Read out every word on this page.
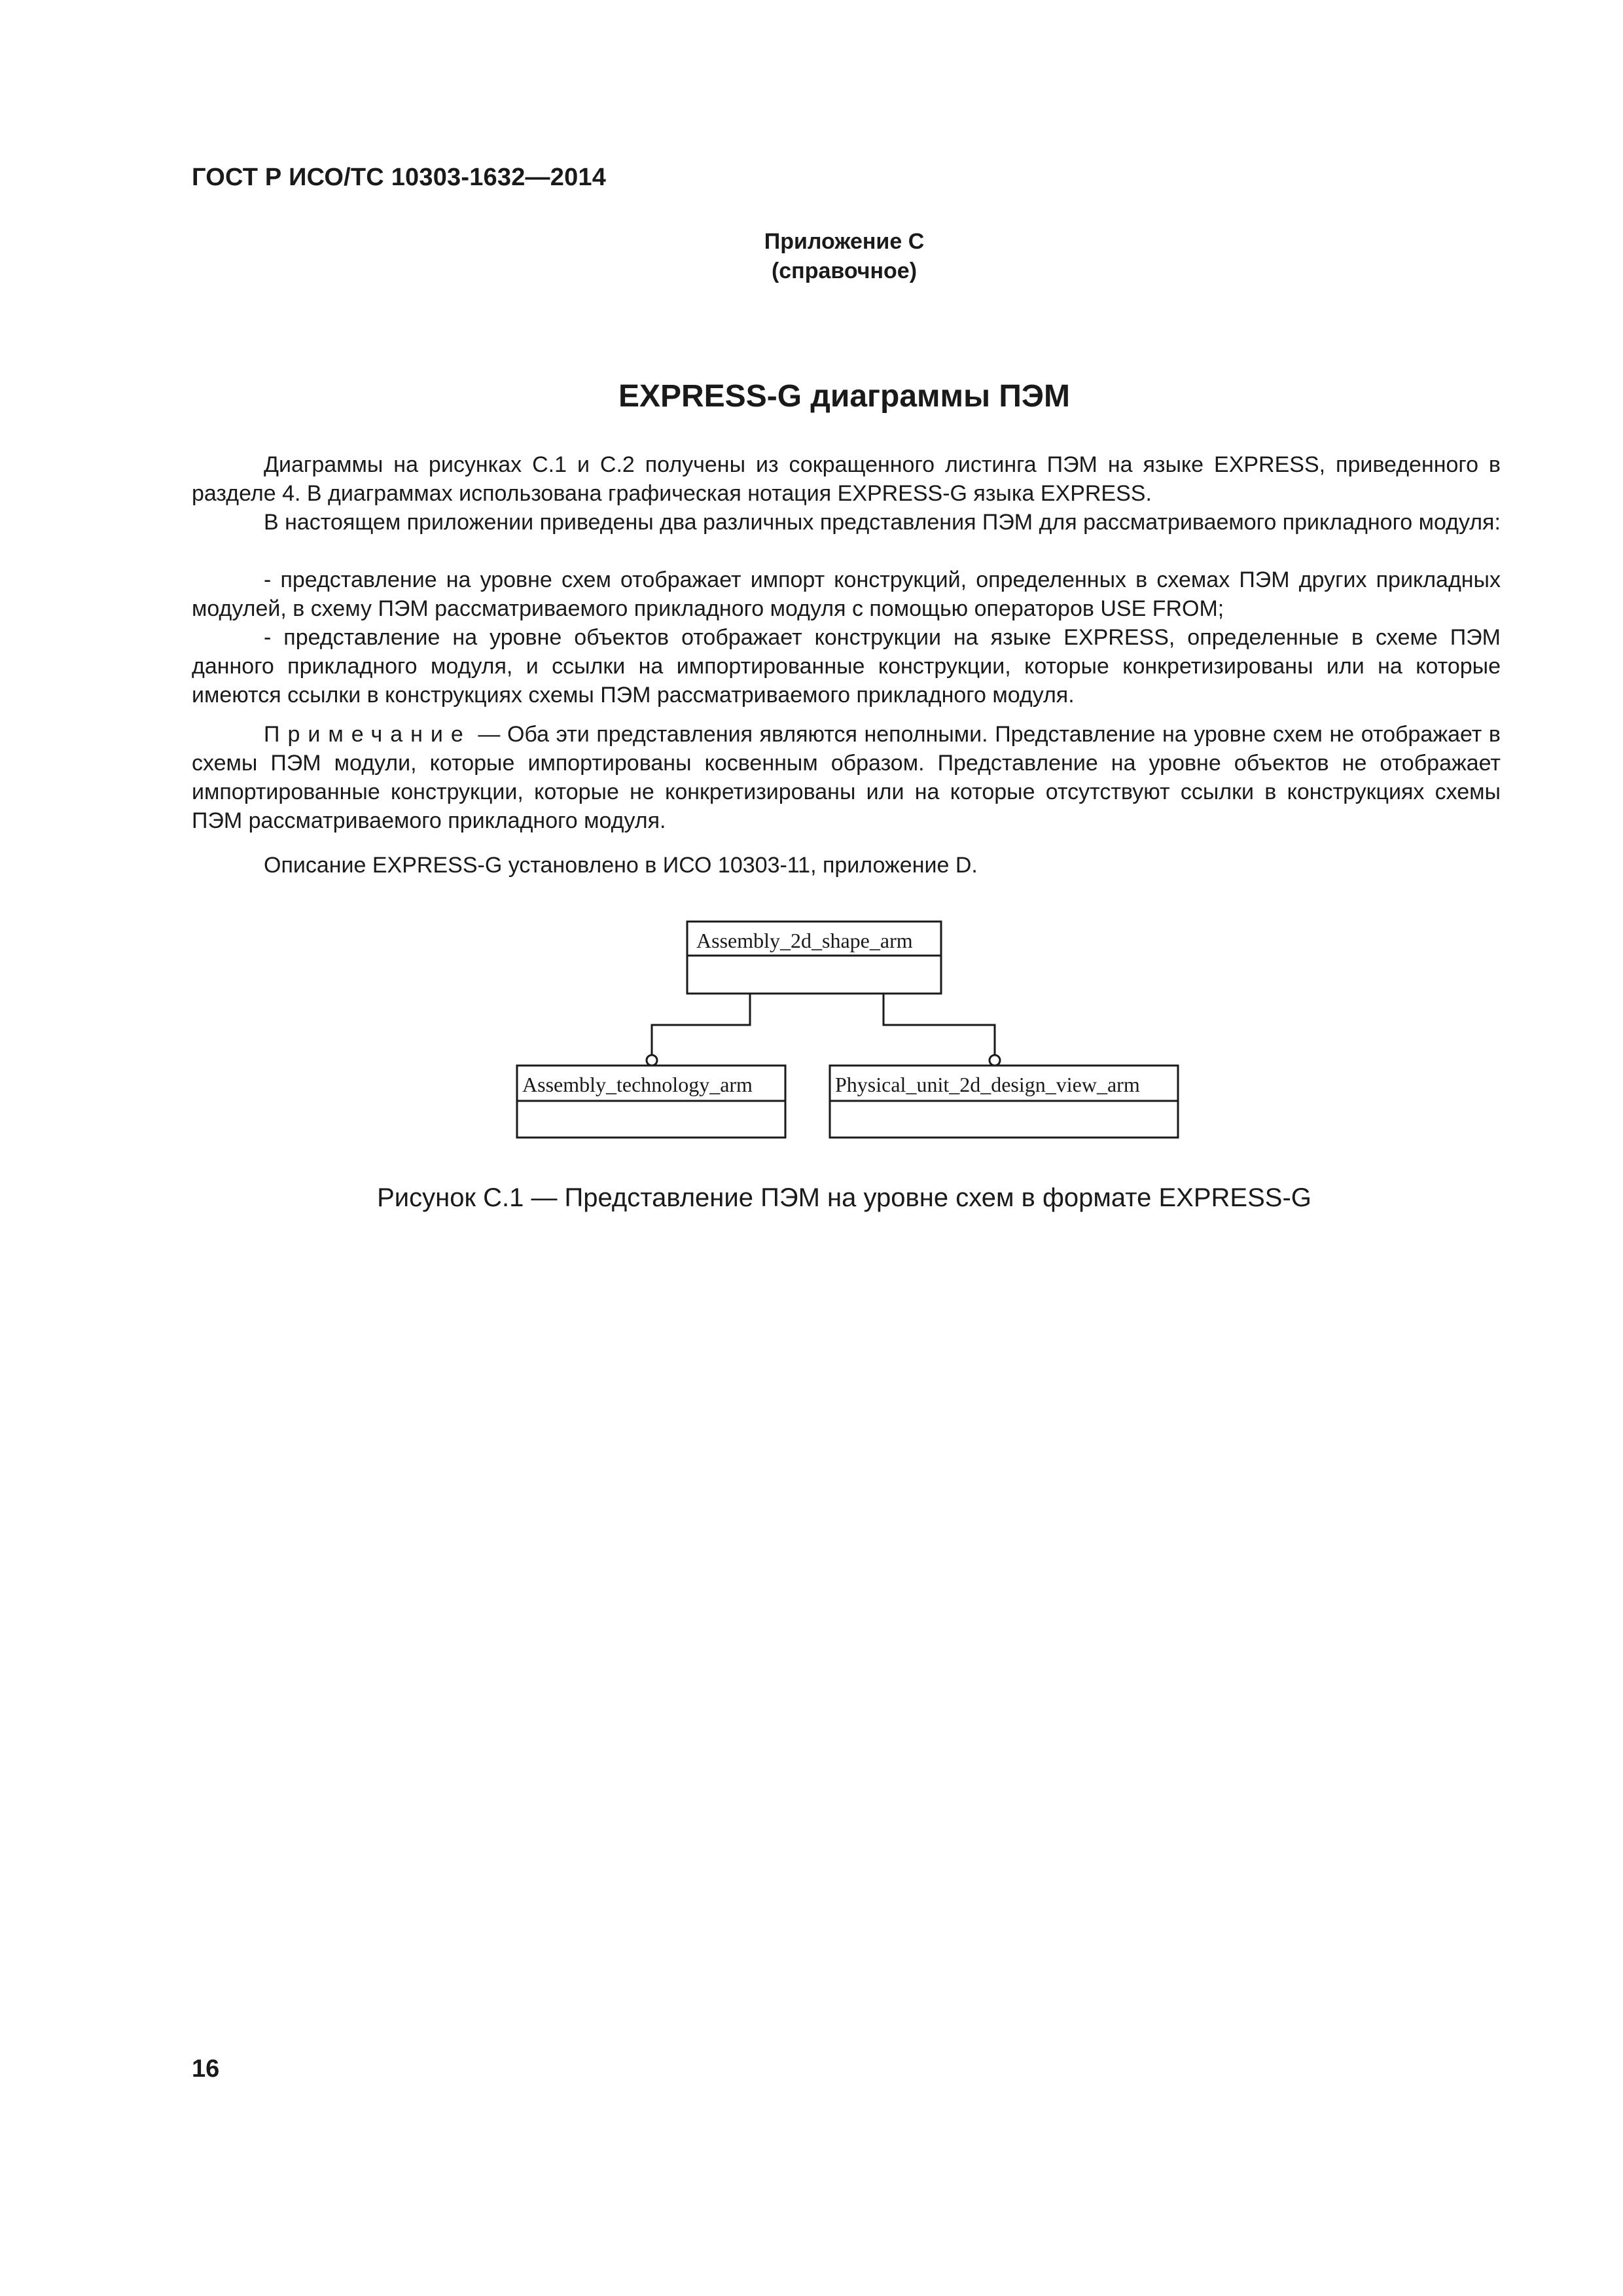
ГОСТ Р ИСО/ТС 10303-1632—2014
Приложение С
(справочное)
EXPRESS-G диаграммы ПЭМ

Диаграммы на рисунках С.1 и С.2 получены из сокращенного листинга ПЭМ на языке EXPRESS, приведенного в разделе 4. В диаграммах использована графическая нотация EXPRESS-G языка EXPRESS.

В настоящем приложении приведены два различных представления ПЭМ для рассматриваемого прикладного модуля:

- представление на уровне схем отображает импорт конструкций, определенных в схемах ПЭМ других прикладных модулей, в схему ПЭМ рассматриваемого прикладного модуля с помощью операторов USE FROM;

- представление на уровне объектов отображает конструкции на языке EXPRESS, определенные в схеме ПЭМ данного прикладного модуля, и ссылки на импортированные конструкции, которые конкретизированы или на которые имеются ссылки в конструкциях схемы ПЭМ рассматриваемого прикладного модуля.

Примечание — Оба эти представления являются неполными. Представление на уровне схем не отображает в схемы ПЭМ модули, которые импортированы косвенным образом. Представление на уровне объектов не отображает импортированные конструкции, которые не конкретизированы или на которые отсутствуют ссылки в конструкциях схемы ПЭМ рассматриваемого прикладного модуля.

Описание EXPRESS-G установлено в ИСО 10303-11, приложение D.

Assembly_2d_shape_arm
Assembly_technology_arm	Physical_unit_2d_design_view_arm
Рисунок С.1 — Представление ПЭМ на уровне схем в формате EXPRESS-G
16
